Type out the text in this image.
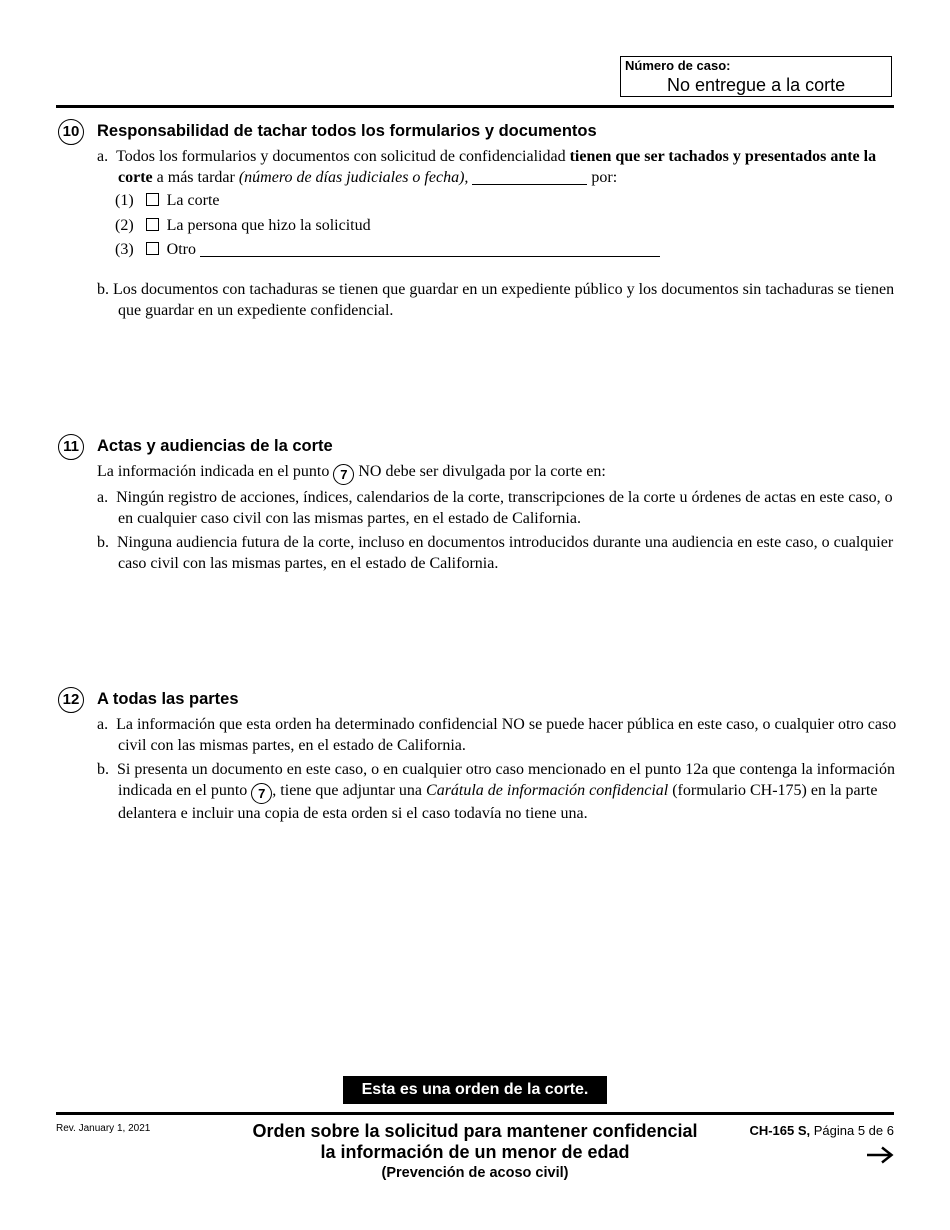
Número de caso:
No entregue a la corte
10 Responsabilidad de tachar todos los formularios y documentos
a. Todos los formularios y documentos con solicitud de confidencialidad tienen que ser tachados y presentados ante la corte a más tardar (número de días judiciales o fecha),	por:
(1) La corte
(2) La persona que hizo la solicitud
(3) Otro
b. Los documentos con tachaduras se tienen que guardar en un expediente público y los documentos sin tachaduras se tienen que guardar en un expediente confidencial.
11	Actas y audiencias de la corte
La información indicada en el punto 7 NO debe ser divulgada por la corte en:
a. Ningún registro de acciones, índices, calendarios de la corte, transcripciones de la corte u órdenes de actas en este caso, o en cualquier caso civil con las mismas partes, en el estado de California.
b. Ninguna audiencia futura de la corte, incluso en documentos introducidos durante una audiencia en este caso, o cualquier caso civil con las mismas partes, en el estado de California.
12 A todas las partes
a. La información que esta orden ha determinado confidencial NO se puede hacer pública en este caso, o cualquier otro caso civil con las mismas partes, en el estado de California.
b. Si presenta un documento en este caso, o en cualquier otro caso mencionado en el punto 12a que contenga la información indicada en el punto 7 , tiene que adjuntar una Carátula de información confidencial (formulario CH-175) en la parte delantera e incluir una copia de esta orden si el caso todavía no tiene una.
Esta es una orden de la corte.
Rev. January 1, 2021	Orden sobre la solicitud para mantener confidencial
la información de un menor de edad
(Prevención de acoso civil)
CH-165 S, Página 5 de 6
